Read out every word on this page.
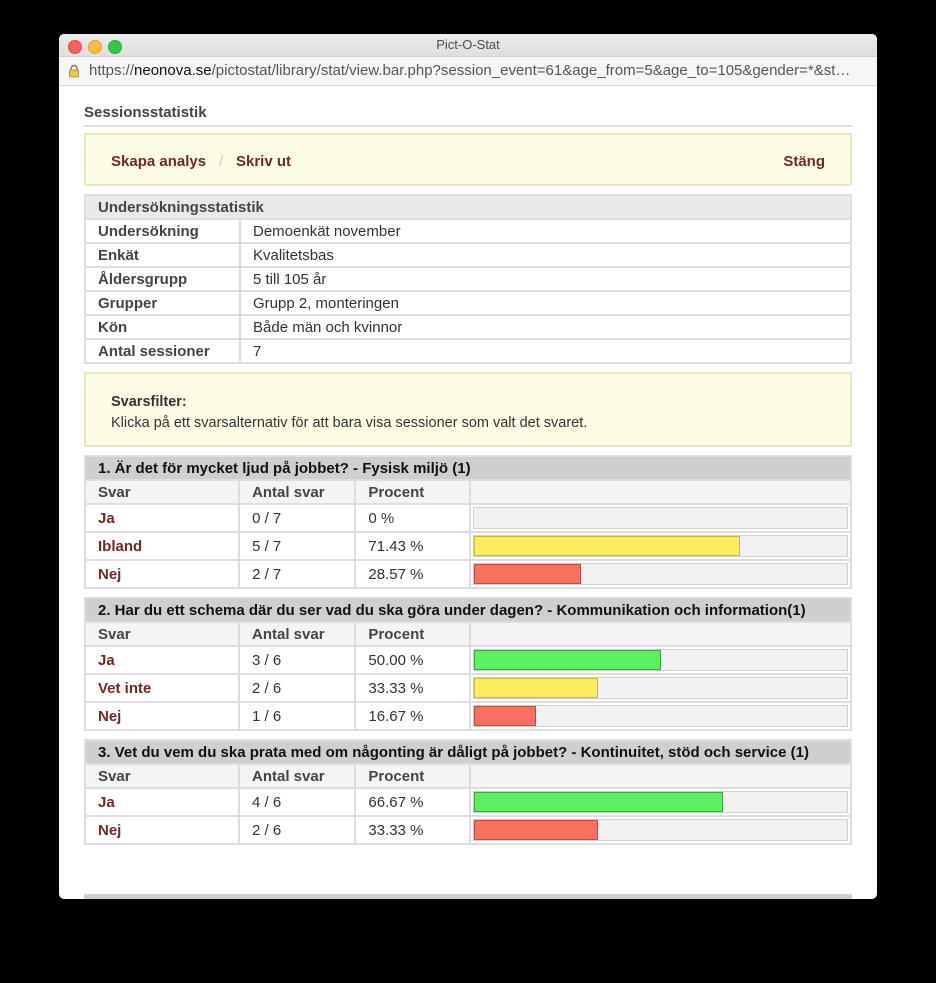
Pict-O-Stat
https://neonova.se/pictostat/library/stat/view.bar.php?session_event=61&age_from=5&age_to=105&gender=*&st…
Sessionsstatistik
Skapa analys / Skriv ut	Stäng
Undersökningsstatistik	
Undersökning	Demoenkät november
Enkät	Kvalitetsbas
Åldersgrupp	5 till 105 år
Grupper	Grupp 2, monteringen
Kön	Både män och kvinnor
Antal sessioner	7
Svarsfilter:
Klicka på ett svarsalternativ för att bara visa sessioner som valt det svaret.
1. Är det för mycket ljud på jobbet? - Fysisk miljö (1)			
Svar	Antal svar	Procent	
Ja	0 / 7	0 %	

Ibland	5 / 7	71.43 %	

Nej	2 / 7	28.57 %	
2. Har du ett schema där du ser vad du ska göra under dagen? - Kommunikation och information(1)			
Svar	Antal svar	Procent	
Ja	3 / 6	50.00 %	

Vet inte	2 / 6	33.33 %	

Nej	1 / 6	16.67 %	
3. Vet du vem du ska prata med om någonting är dåligt på jobbet? - Kontinuitet, stöd och service (1)			
Svar	Antal svar	Procent	
Ja	4 / 6	66.67 %	

Nej	2 / 6	33.33 %	
